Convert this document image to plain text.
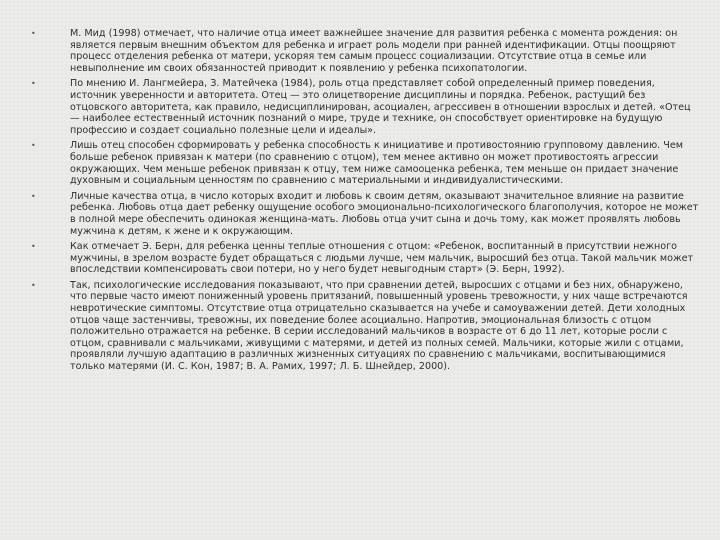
•	М. Мид (1998) отмечает, что наличие отца имеет важнейшее значение для развития ребенка с момента рождения: он является первым внешним объектом для ребенка и играет роль модели при ранней идентификации. Отцы поощряют процесс отделения ребенка от матери, ускоряя тем самым процесс социализации. Отсутствие отца в семье или невыполнение им своих обязанностей приводит к появлению у ребенка психопатологии.
•	По мнению И. Лангмейера, З. Матейчека (1984), роль отца представляет собой определенный пример поведения, источник уверенности и авторитета. Отец — это олицетворение дисциплины и порядка. Ребенок, растущий без отцовского авторитета, как правило, недисциплинирован, асоциален, агрессивен в отношении взрослых и детей. «Отец — наиболее естественный источник познаний о мире, труде и технике, он способствует ориентировке на будущую профессию и создает социально полезные цели и идеалы».
•	Лишь отец способен сформировать у ребенка способность к инициативе и противостоянию групповому давлению. Чем больше ребенок привязан к матери (по сравнению с отцом), тем менее активно он может противостоять агрессии окружающих. Чем меньше ребенок привязан к отцу, тем ниже самооценка ребенка, тем меньше он придает значение духовным и социальным ценностям по сравнению с материальными и индивидуалистическими.
•	Личные качества отца, в число которых входит и любовь к своим детям, оказывают значительное влияние на развитие ребенка. Любовь отца дает ребенку ощущение особого эмоционально-психологического благополучия, которое не может в полной мере обеспечить одинокая женщина-мать. Любовь отца учит сына и дочь тому, как может проявлять любовь мужчина к детям, к жене и к окружающим.
•	Как отмечает Э. Берн, для ребенка ценны теплые отношения с отцом: «Ребенок, воспитанный в присутствии нежного мужчины, в зрелом возрасте будет обращаться с людьми лучше, чем мальчик, выросший без отца. Такой мальчик может впоследствии компенсировать свои потери, но у него будет невыгодным старт» (Э. Берн, 1992).
•	Так, психологические исследования показывают, что при сравнении детей, выросших с отцами и без них, обнаружено, что первые часто имеют пониженный уровень притязаний, повышенный уровень тревожности, у них чаще встречаются невротические симптомы. Отсутствие отца отрицательно сказывается на учебе и самоуважении детей. Дети холодных отцов чаще застенчивы, тревожны, их поведение более асоциально. Напротив, эмоциональная близость с отцом положительно отражается на ребенке. В серии исследований мальчиков в возрасте от 6 до 11 лет, которые росли с отцом, сравнивали с мальчиками, живущими с матерями, и детей из полных семей. Мальчики, которые жили с отцами, проявляли лучшую адаптацию в различных жизненных ситуациях по сравнению с мальчиками, воспитывающимися только матерями (И. С. Кон, 1987; В. А. Рамих, 1997; Л. Б. Шнейдер, 2000).
